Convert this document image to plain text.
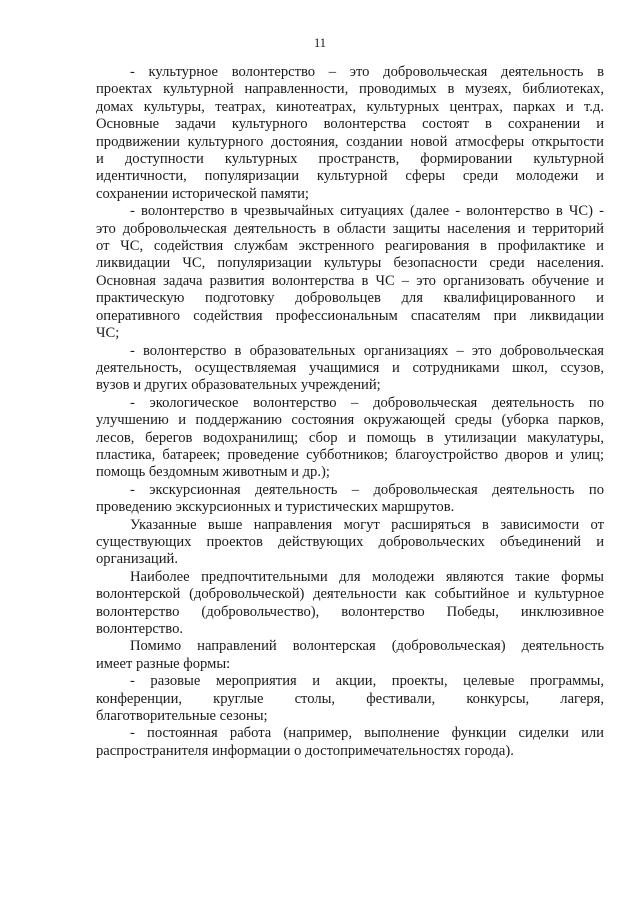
11
- культурное волонтерство – это добровольческая деятельность в
проектах культурной направленности, проводимых в музеях, библиотеках,
домах культуры, театрах, кинотеатрах, культурных центрах, парках и т.д.
Основные задачи культурного волонтерства состоят в сохранении и
продвижении культурного достояния, создании новой атмосферы открытости
и доступности культурных пространств, формировании культурной
идентичности, популяризации культурной сферы среди молодежи и
сохранении исторической памяти;
- волонтерство в чрезвычайных ситуациях (далее - волонтерство в ЧС) -
это добровольческая деятельность в области защиты населения и территорий
от ЧС, содействия службам экстренного реагирования в профилактике и
ликвидации ЧС, популяризации культуры безопасности среди населения.
Основная задача развития волонтерства в ЧС – это организовать обучение и
практическую подготовку добровольцев для квалифицированного и
оперативного содействия профессиональным спасателям при ликвидации
ЧС;
- волонтерство в образовательных организациях – это добровольческая
деятельность, осуществляемая учащимися и сотрудниками школ, ссузов,
вузов и других образовательных учреждений;
- экологическое волонтерство – добровольческая деятельность по
улучшению и поддержанию состояния окружающей среды (уборка парков,
лесов, берегов водохранилищ; сбор и помощь в утилизации макулатуры,
пластика, батареек; проведение субботников; благоустройство дворов и улиц;
помощь бездомным животным и др.);
- экскурсионная деятельность – добровольческая деятельность по
проведению экскурсионных и туристических маршрутов.
Указанные выше направления могут расширяться в зависимости от
существующих проектов действующих добровольческих объединений и
организаций.
Наиболее предпочтительными для молодежи являются такие формы
волонтерской (добровольческой) деятельности как событийное и культурное
волонтерство (добровольчество), волонтерство Победы, инклюзивное
волонтерство.
Помимо направлений волонтерская (добровольческая) деятельность
имеет разные формы:
- разовые мероприятия и акции, проекты, целевые программы,
конференции, круглые столы, фестивали, конкурсы, лагеря,
благотворительные сезоны;
- постоянная работа (например, выполнение функции сиделки или
распространителя информации о достопримечательностях города).
